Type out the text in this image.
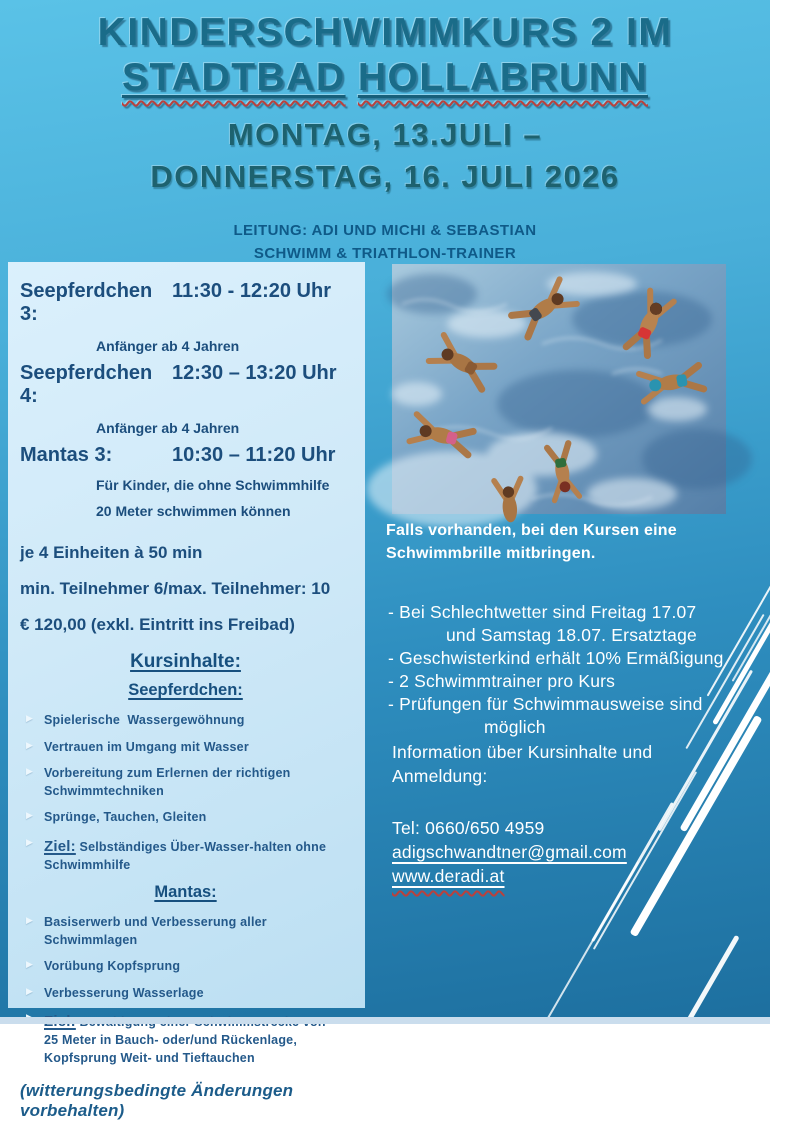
KINDERSCHWIMMKURS 2 IM
STADTBAD HOLLABRUNN
MONTAG, 13.JULI –
DONNERSTAG, 16. JULI 2026
LEITUNG: ADI UND MICHI & SEBASTIAN
SCHWIMM & TRIATHLON-TRAINER
Seepferdchen 3:
11:30 - 12:20 Uhr
Anfänger ab 4 Jahren
Seepferdchen 4:
12:30 – 13:20 Uhr
Anfänger ab 4 Jahren
Mantas 3:	10:30 – 11:20 Uhr
Für Kinder, die ohne Schwimmhilfe
20 Meter schwimmen können
je 4 Einheiten à 50 min
min. Teilnehmer 6/max. Teilnehmer: 10
€ 120,00 (exkl. Eintritt ins Freibad)
Kursinhalte:
Seepferdchen:
▶ Spielerische  Wassergewöhnung
▶ Vertrauen im Umgang mit Wasser
▶ Vorbereitung zum Erlernen der richtigen Schwimmtechniken
▶ Sprünge, Tauchen, Gleiten
▶ Ziel: Selbständiges Über-Wasser-halten ohne Schwimmhilfe
Mantas:
▶ Basiserwerb und Verbesserung aller Schwimmlagen
▶ Vorübung Kopfsprung
▶ Verbesserung Wasserlage
25 Meter in Bauch- oder/und Rückenlage, Kopfsprung Weit- und Tieftauchen
(witterungsbedingte Änderungen vorbehalten)
Falls vorhanden, bei den Kursen eine
Schwimmbrille mitbringen.
- Bei Schlechtwetter sind Freitag 17.07
und Samstag 18.07. Ersatztage
- Geschwisterkind erhält 10% Ermäßigung
- 2 Schwimmtrainer pro Kurs
- Prüfungen für Schwimmausweise sind
möglich
Information über Kursinhalte und
Anmeldung:
Tel: 0660/650 4959
adigschwandtner@gmail.com
www.deradi.at
